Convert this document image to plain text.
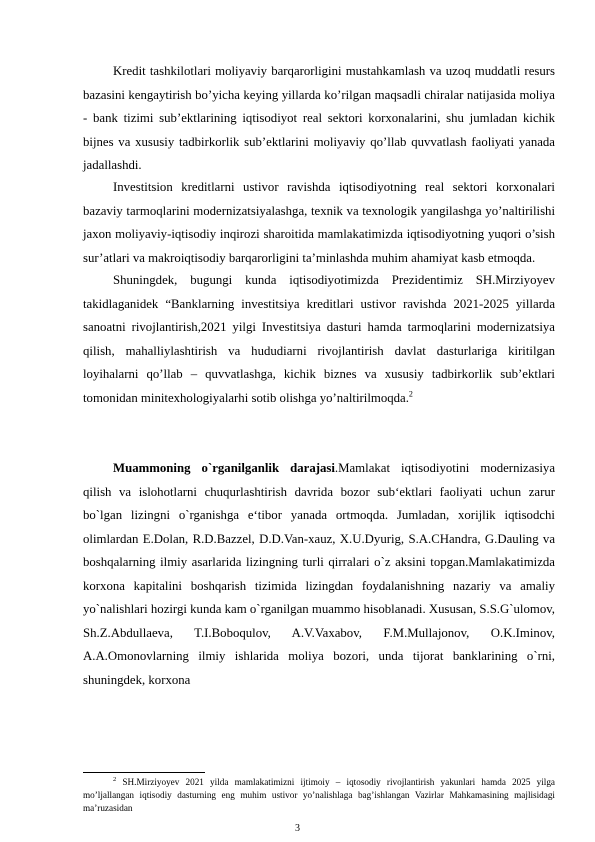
Kredit tashkilotlari moliyaviy barqarorligini mustahkamlash va uzoq muddatli resurs bazasini kengaytirish bo’yicha keying yillarda ko’rilgan maqsadli chiralar natijasida moliya - bank tizimi sub’ektlarining iqtisodiyot real sektori korxonalarini, shu jumladan kichik bijnes va xususiy tadbirkorlik sub’ektlarini moliyaviy qo’llab quvvatlash faoliyati yanada jadallashdi.

Investitsion kreditlarni ustivor ravishda iqtisodiyotning real sektori korxonalari bazaviy tarmoqlarini modernizatsiyalashga, texnik va texnologik yangilashga yo’naltirilishi jaxon moliyaviy-iqtisodiy inqirozi sharoitida mamlakatimizda iqtisodiyotning yuqori o’sish sur’atlari va makroiqtisodiy barqarorligini ta’minlashda muhim ahamiyat kasb etmoqda.

Shuningdek, bugungi kunda iqtisodiyotimizda Prezidentimiz SH.Mirziyoyev takidlaganidek “Banklarning investitsiya kreditlari ustivor ravishda 2021-2025 yillarda sanoatni rivojlantirish,2021 yilgi Investitsiya dasturi hamda tarmoqlarini modernizatsiya qilish, mahalliylashtirish va hududiarni rivojlantirish davlat dasturlariga kiritilgan loyihalarni qo’llab – quvvatlashga, kichik biznes va xususiy tadbirkorlik sub’ektlari tomonidan minitexhologiyalarhi sotib olishga yo’naltirilmoqda.$^2$

Muammoning o`rganilganlik darajasi.Mamlakat iqtisodiyotini modernizasiya qilish va islohotlarni chuqurlashtirish davrida bozor sub‘ektlari faoliyati uchun zarur bo`lgan lizingni o`rganishga e‘tibor yanada ortmoqda. Jumladan, xorijlik iqtisodchi olimlardan E.Dolan, R.D.Bazzel, D.D.Van-xauz, X.U.Dyurig, S.A.CHandra, G.Dauling va boshqalarning ilmiy asarlarida lizingning turli qirralari o`z aksini topgan.Mamlakatimizda korxona kapitalini boshqarish tizimida lizingdan foydalanishning nazariy va amaliy yo`nalishlari hozirgi kunda kam o`rganilgan muammo hisoblanadi. Xususan, S.S.G`ulomov, Sh.Z.Abdullaeva, T.I.Boboqulov, A.V.Vaxabov, F.M.Mullajonov, O.K.Iminov, A.A.Omonovlarning ilmiy ishlarida moliya bozori, unda tijorat banklarining o`rni, shuningdek, korxona

$^2$ SH.Mirziyoyev 2021 yilda mamlakatimizni ijtimoiy – iqtosodiy rivojlantirish yakunlari hamda 2025 yilga mo’ljallangan iqtisodiy dasturning eng muhim ustivor yo’nalishlaga bag’ishlangan Vazirlar Mahkamasining majlisidagi ma’ruzasidan

3
